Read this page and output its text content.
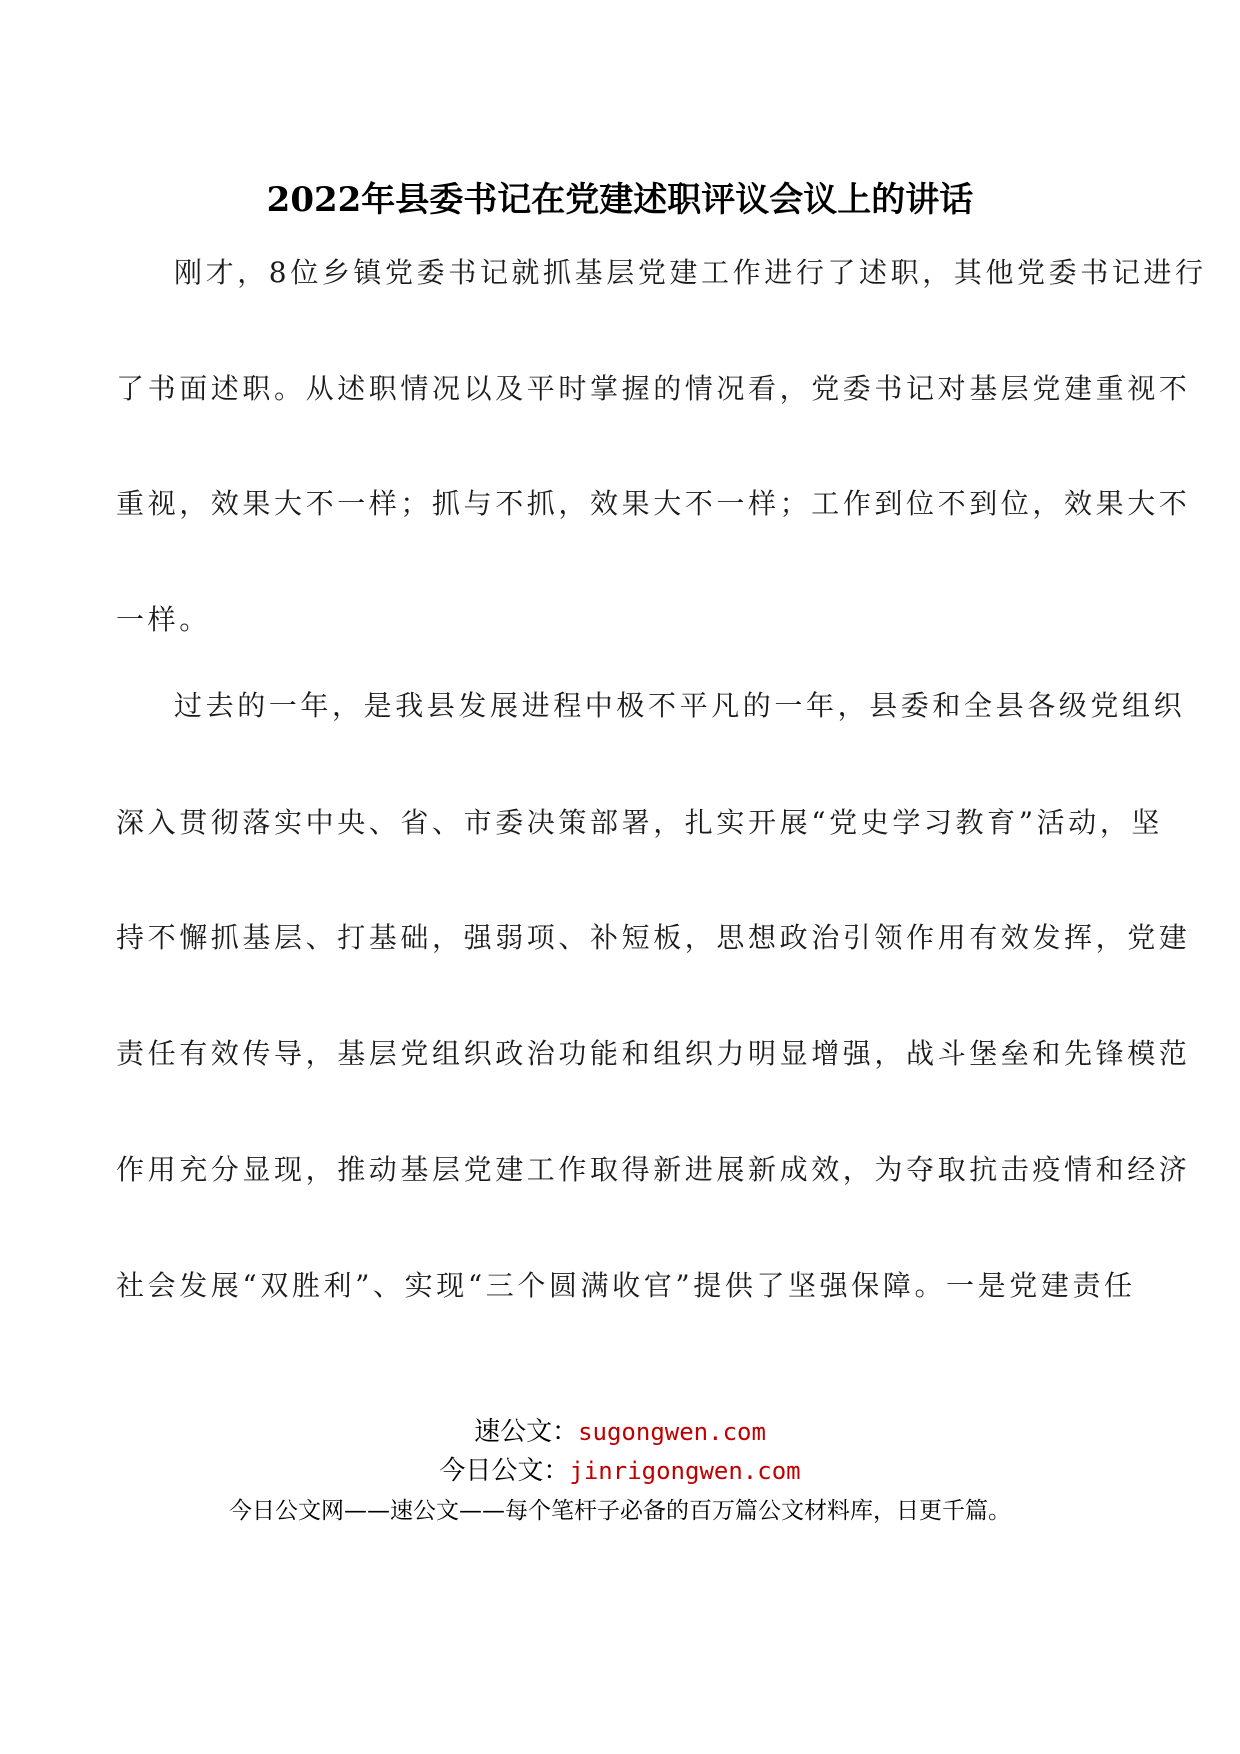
2022年县委书记在党建述职评议会议上的讲话
刚才，8位乡镇党委书记就抓基层党建工作进行了述职，其他党委书记进行
了书面述职。从述职情况以及平时掌握的情况看，党委书记对基层党建重视不
重视，效果大不一样；抓与不抓，效果大不一样；工作到位不到位，效果大不
一样。
过去的一年，是我县发展进程中极不平凡的一年，县委和全县各级党组织
深入贯彻落实中央、省、市委决策部署，扎实开展“党史学习教育”活动，坚
持不懈抓基层、打基础，强弱项、补短板，思想政治引领作用有效发挥，党建
责任有效传导，基层党组织政治功能和组织力明显增强，战斗堡垒和先锋模范
作用充分显现，推动基层党建工作取得新进展新成效，为夺取抗击疫情和经济
社会发展“双胜利”、实现“三个圆满收官”提供了坚强保障。一是党建责任
速公文：sugongwen.com
今日公文：jinrigongwen.com
今日公文网——速公文——每个笔杆子必备的百万篇公文材料库，日更千篇。
